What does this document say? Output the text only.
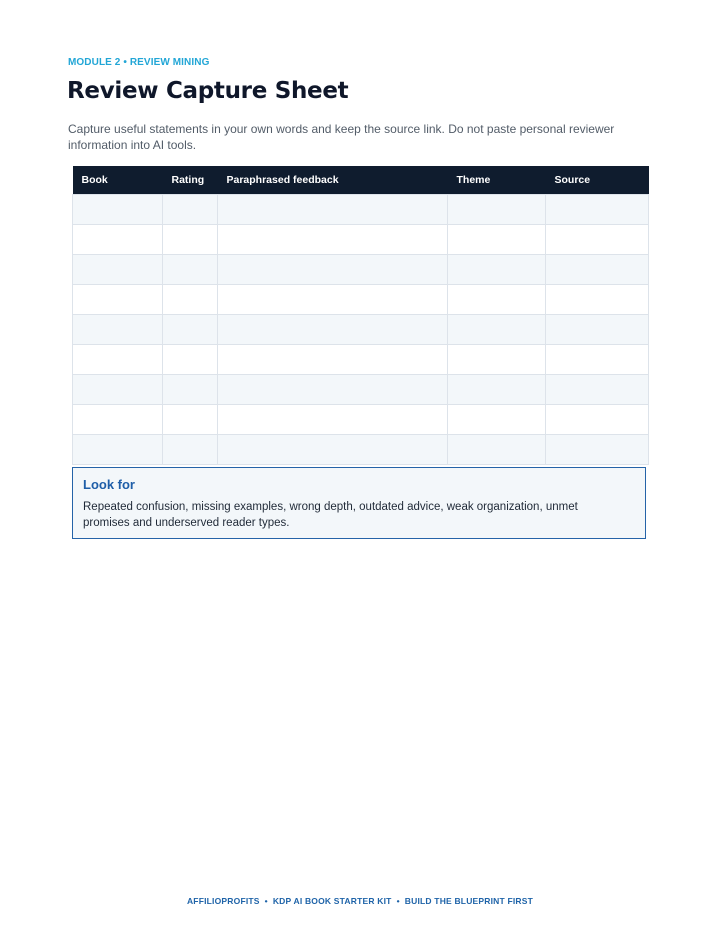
MODULE 2 • REVIEW MINING
Review Capture Sheet

Capture useful statements in your own words and keep the source link. Do not paste personal reviewer information into AI tools.

Book	Rating	Paraphrased feedback	Theme	Source

Look for

Repeated confusion, missing examples, wrong depth, outdated advice, weak organization, unmet promises and underserved reader types.

AFFILIOPROFITS • KDP AI BOOK STARTER KIT • BUILD THE BLUEPRINT FIRST
